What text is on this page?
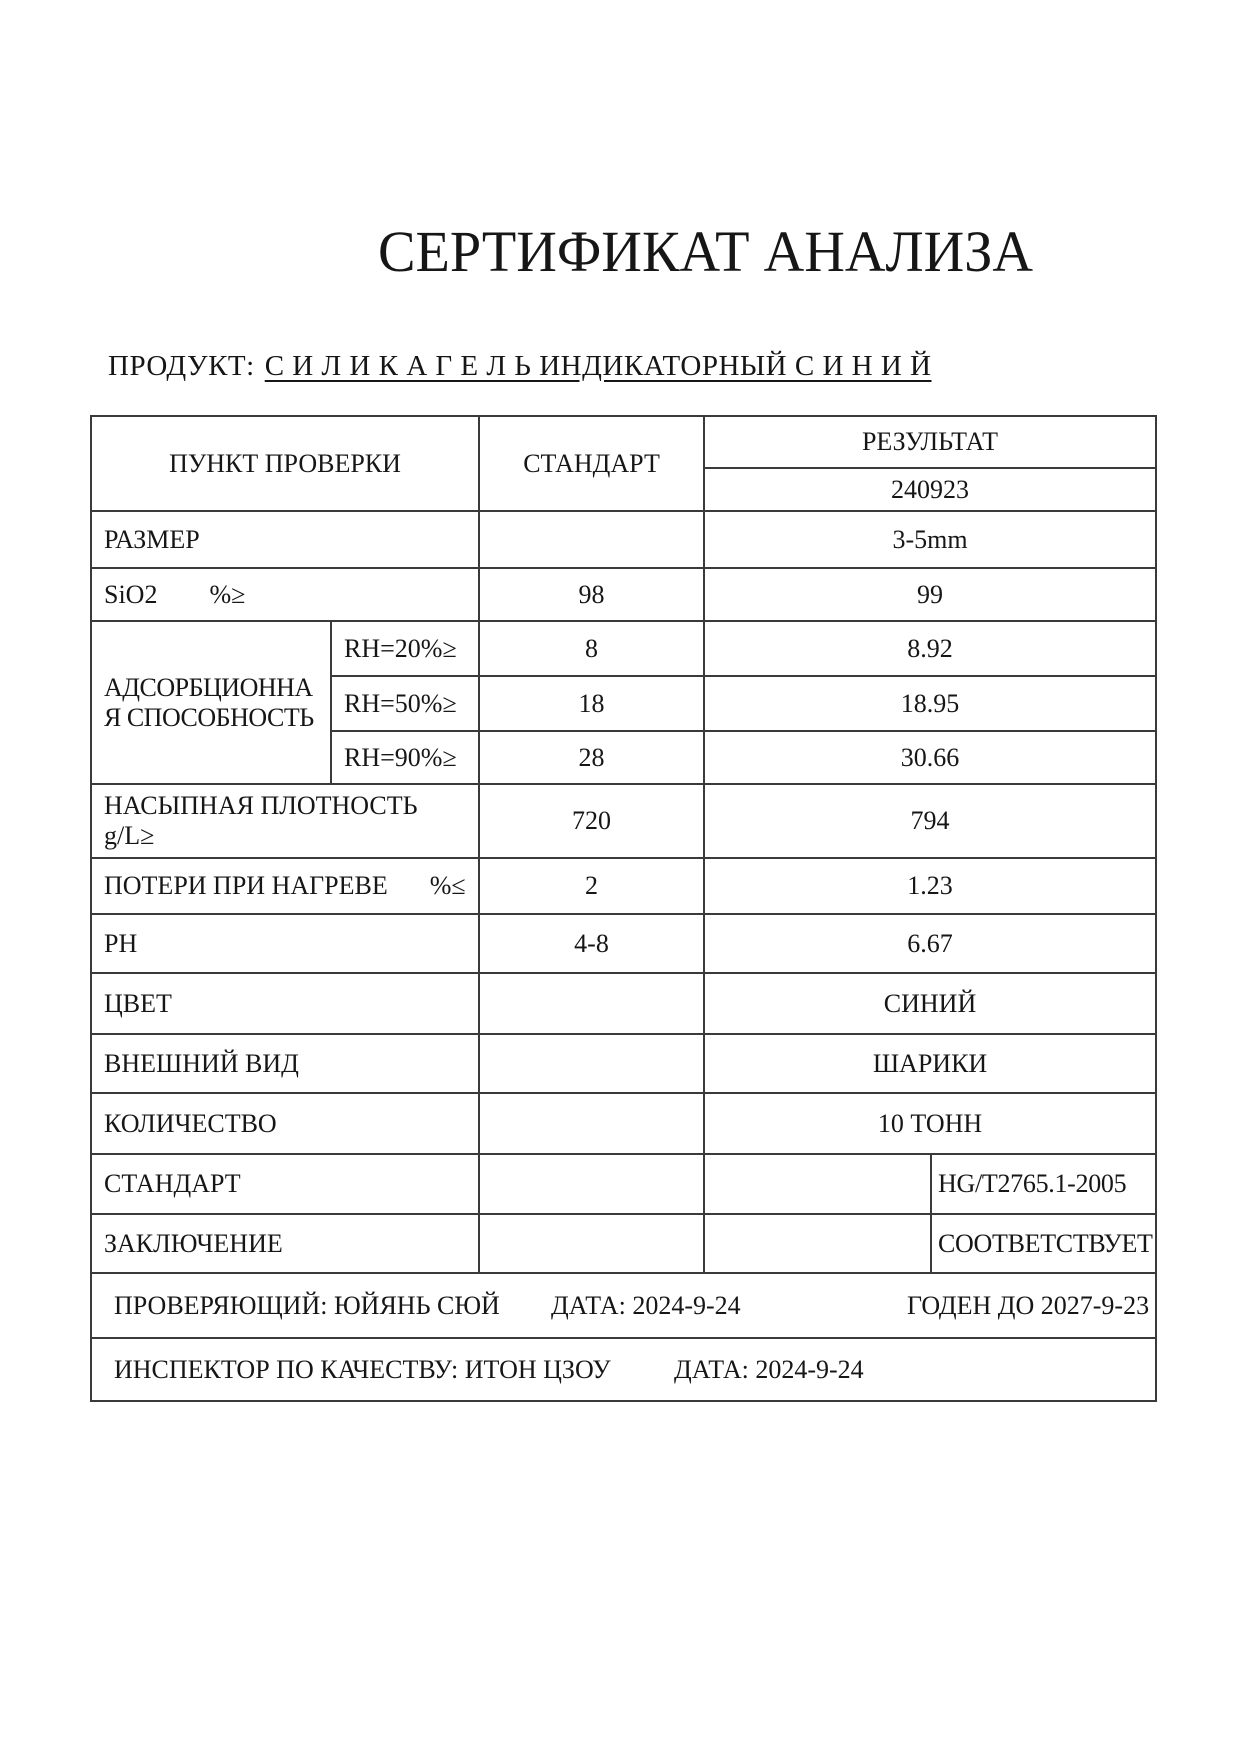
СЕРТИФИКАТ АНАЛИЗА
ПРОДУКТ: С И Л И К А Г Е Л Ь ИНДИКАТОРНЫЙ С И Н И Й
ПУНКТ ПРОВЕРКИ		СТАНДАРТ	РЕЗУЛЬТАТ	
			240923	
РАЗМЕР			3-5mm	
SiO2 %≥		98	99	

АДСОРБЦИОННА
Я СПОСОБНОСТЬ	RH=20%≥	8	8.92	
	RH=50%≥	18	18.95	
	RH=90%≥	28	30.66	

НАСЫПНАЯ ПЛОТНОСТЬ
g/L≥		720	794	
ПОТЕРИ ПРИ НАГРЕВЕ %≤		2	1.23	
PH		4-8	6.67	
ЦВЕТ			СИНИЙ	
ВНЕШНИЙ ВИД			ШАРИКИ	
КОЛИЧЕСТВО			10 ТОНН	
СТАНДАРТ				HG/T2765.1-2005
ЗАКЛЮЧЕНИЕ				СООТВЕТСТВУЕТ

ПРОВЕРЯЮЩИЙ: ЮЙЯНЬ СЮЙ ДАТА: 2024-9-24 ГОДЕН ДО 2027-9-23				

ИНСПЕКТОР ПО КАЧЕСТВУ: ИТОН ЦЗОУ ДАТА: 2024-9-24				
